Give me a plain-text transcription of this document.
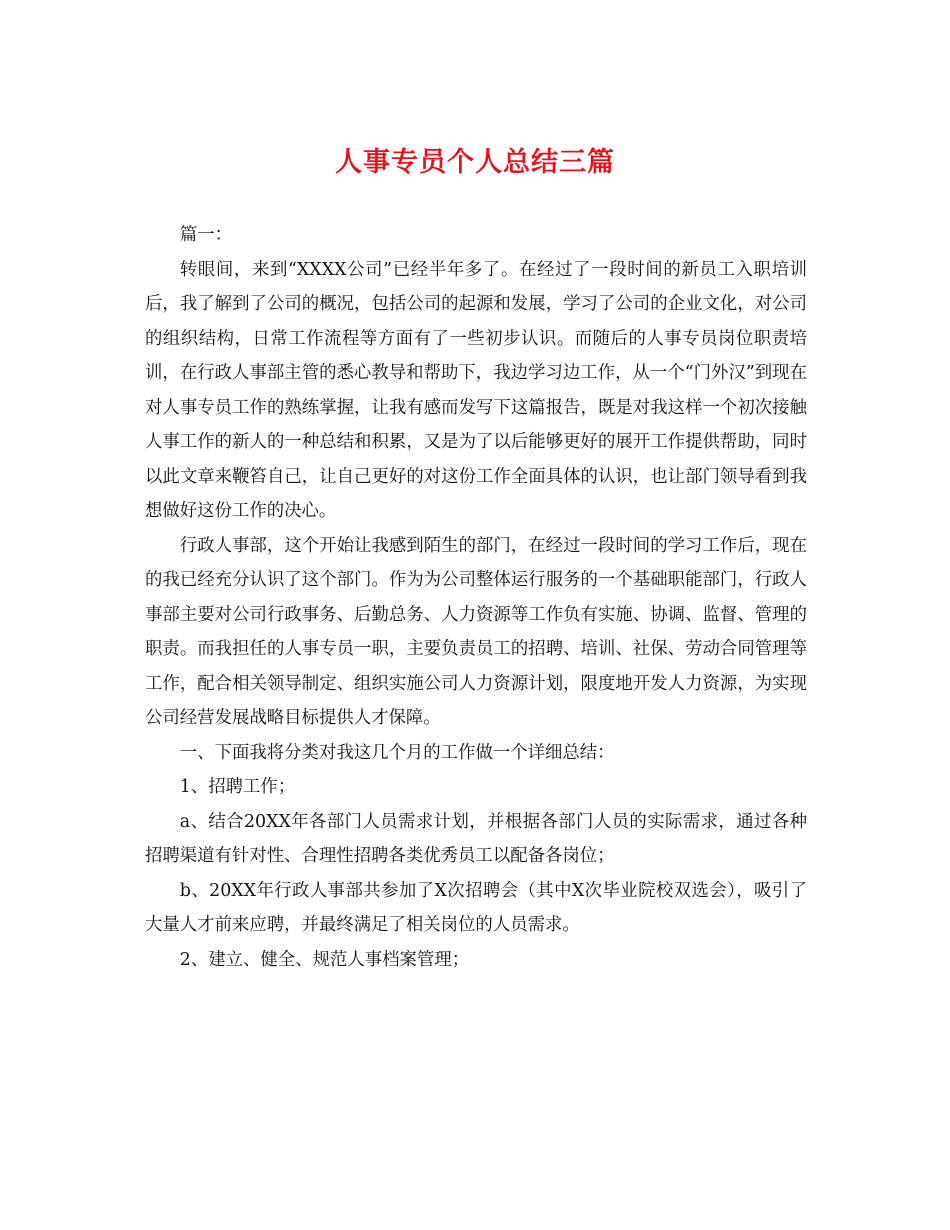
人事专员个人总结三篇

篇一：

转眼间，来到“XXXX公司”已经半年多了。在经过了一段时间的新员工入职培训后，我了解到了公司的概况，包括公司的起源和发展，学习了公司的企业文化，对公司的组织结构，日常工作流程等方面有了一些初步认识。而随后的人事专员岗位职责培训，在行政人事部主管的悉心教导和帮助下，我边学习边工作，从一个“门外汉”到现在对人事专员工作的熟练掌握，让我有感而发写下这篇报告，既是对我这样一个初次接触人事工作的新人的一种总结和积累，又是为了以后能够更好的展开工作提供帮助，同时以此文章来鞭笞自己，让自己更好的对这份工作全面具体的认识，也让部门领导看到我想做好这份工作的决心。

行政人事部，这个开始让我感到陌生的部门，在经过一段时间的学习工作后，现在的我已经充分认识了这个部门。作为为公司整体运行服务的一个基础职能部门，行政人事部主要对公司行政事务、后勤总务、人力资源等工作负有实施、协调、监督、管理的职责。而我担任的人事专员一职，主要负责员工的招聘、培训、社保、劳动合同管理等工作，配合相关领导制定、组织实施公司人力资源计划，限度地开发人力资源，为实现公司经营发展战略目标提供人才保障。

一、下面我将分类对我这几个月的工作做一个详细总结：

1、招聘工作；

a、结合20XX年各部门人员需求计划，并根据各部门人员的实际需求，通过各种招聘渠道有针对性、合理性招聘各类优秀员工以配备各岗位；

b、20XX年行政人事部共参加了X次招聘会（其中X次毕业院校双选会），吸引了大量人才前来应聘，并最终满足了相关岗位的人员需求。

2、建立、健全、规范人事档案管理；
